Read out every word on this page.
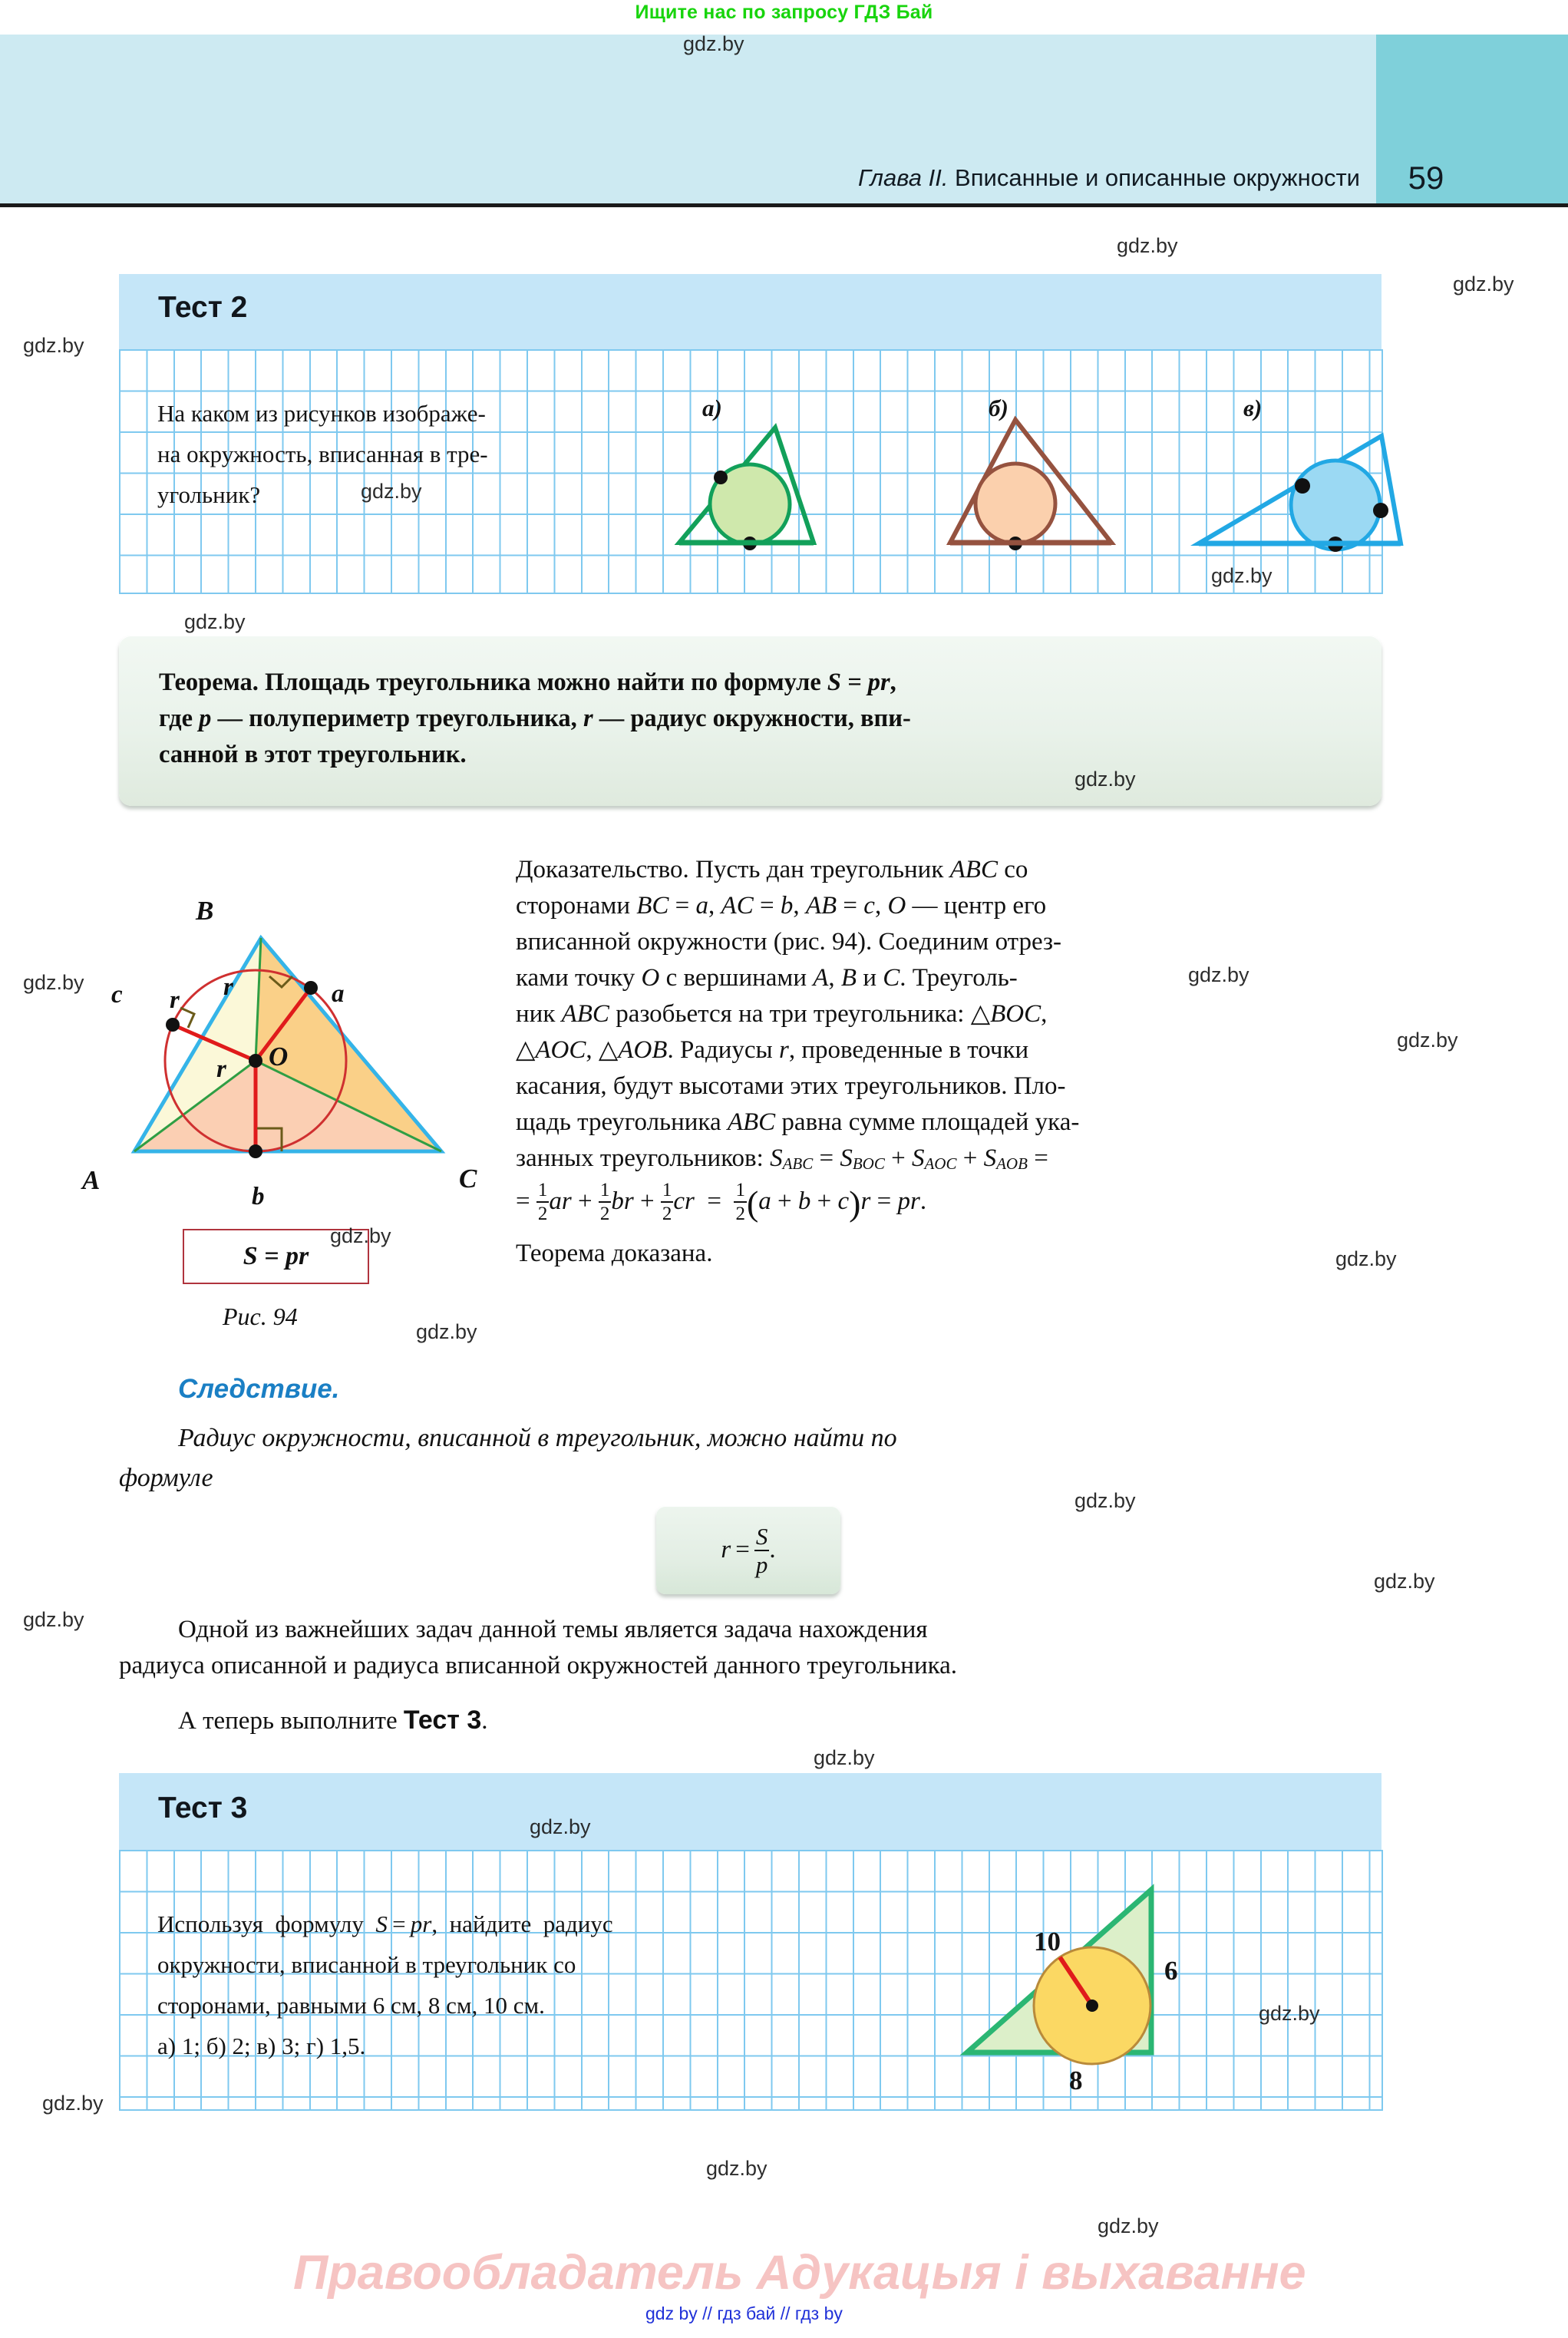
Ищите нас по запросу ГДЗ Бай
Глава II. Вписанные и описанные окружности	59
Тест 2
На каком из рисунков изображе-
на окружность, вписанная в тре-
угольник?
а)	б)	в)
Теорема. Площадь треугольника можно найти по формуле S = pr,
где p — полупериметр треугольника, r — радиус окружности, впи-
санной в этот треугольник.
B
A	C
O
a
b
c r r
r
S = pr
Рис. 94
Доказательство. Пусть дан треугольник ABC со
сторонами BC = a, AC = b, AB = c, O — центр его
вписанной окружности (рис. 94). Соединим отрез-
ками точку O с вершинами A, B и C. Треуголь-
ник ABC разобьется на три треугольника: △BOC,
△AOC, △AOB. Радиусы r, проведенные в точки
касания, будут высотами этих треугольников. Пло-
щадь треугольника ABC равна сумме площадей ука-
занных треугольников: SABC = SBOC + SAOC + SAOB =
= $\frac{1}{2}$ ar + $\frac{1}{2}$ br + $\frac{1}{2}$ cr  = $\frac{1}{2} (a + b + c)r$ = pr.
Теорема доказана.
Следствие.
Радиус окружности, вписанной в треугольник, можно найти по
формуле
$r = \frac{S}{p}$ .
Одной из важнейших задач данной темы является задача нахождения
радиуса описанной и радиуса вписанной окружностей данного треугольника.
А теперь выполните Тест 3.
Тест 3
Используя  формулу  S = pr,  найдите  радиус
окружности, вписанной в треугольник со
сторонами, равными 6 см, 8 см, 10 см.
а) 1; б) 2; в) 3; г) 1,5.
10
6
8
Правообладатель Адукацыя і выхаванне
gdz by // гдз бай // гдз by
gdz.by
gdz.by
gdz.by
gdz.by
gdz.by
gdz.by
gdz.by
gdz.by
gdz.by	gdz.by
gdz.by
gdz.by
gdz.by
gdz.by
gdz.by
gdz.by
gdz.by
gdz.by
gdz.by
gdz.by
gdz.by
gdz.by
gdz.by
